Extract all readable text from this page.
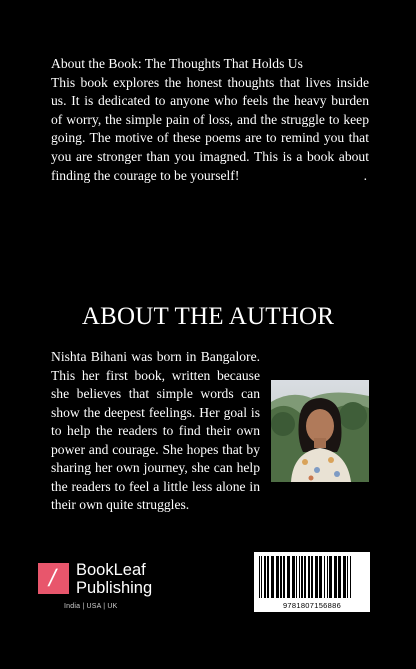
About the Book: The Thoughts That Holds Us

This book explores the honest thoughts that lives inside us. It is dedicated to anyone who feels the heavy burden of worry, the simple pain of loss, and the struggle to keep going. The motive of these poems are to remind you that you are stronger than you imagned. This is a book about finding the courage to be yourself!	.
ABOUT THE AUTHOR
Nishta Bihani was born in Bangalore. This her first book, written because she believes that simple words can show the deepest feelings. Her goal is to help the readers to find their own power and courage. She hopes that by sharing her own journey, she can help the readers to feel a little less alone in their own quite struggles.
/ BookLeaf
Publishing
India | USA | UK	9781807156886
